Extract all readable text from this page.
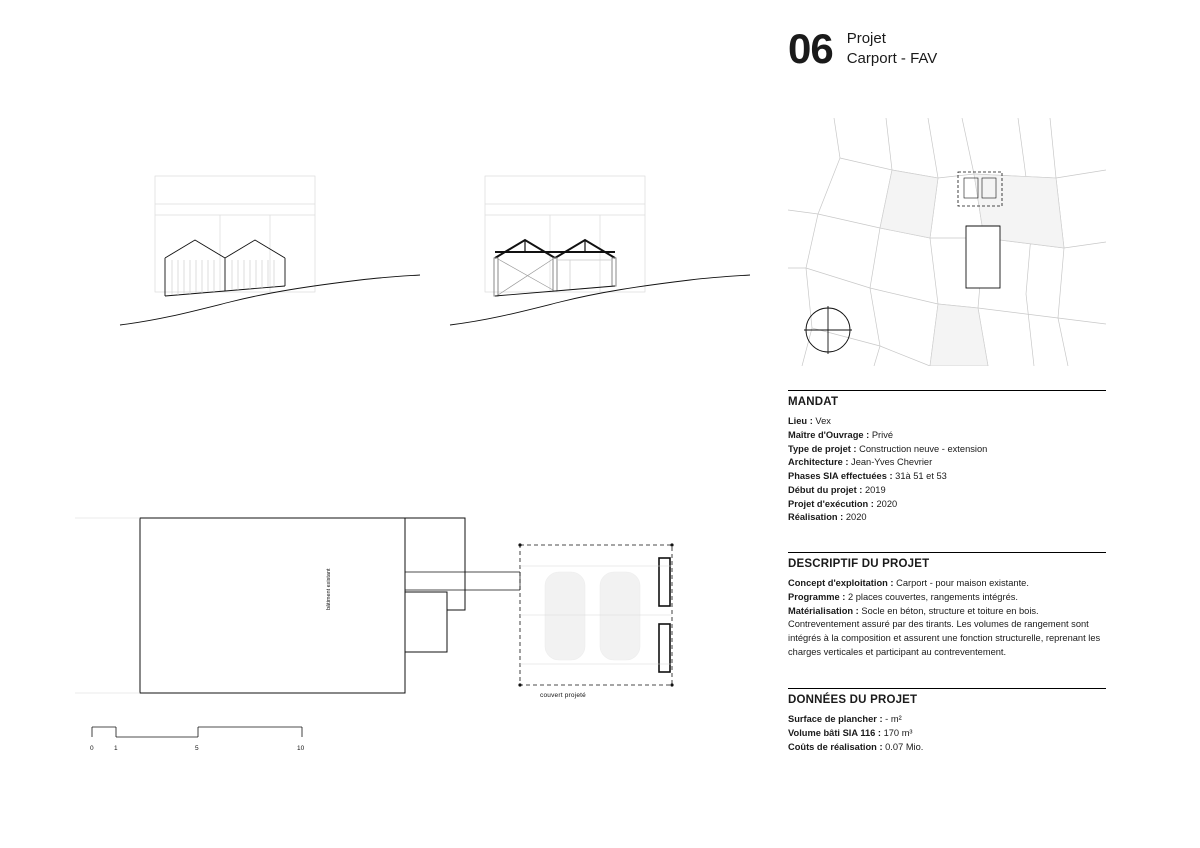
06 Projet
Carport - FAV
MANDAT

Lieu : Vex

Maître d'Ouvrage : Privé

Type de projet : Construction neuve - extension

Architecture : Jean-Yves Chevrier

Phases SIA effectuées : 31à 51 et 53

Début du projet : 2019

Projet d'exécution : 2020

Réalisation : 2020

DESCRIPTIF DU PROJET

Concept d'exploitation : Carport - pour maison existante.

Programme : 2 places couvertes, rangements intégrés.

Matérialisation : Socle en béton, structure et toiture en bois.

Contreventement assuré par des tirants. Les volumes de rangement sont intégrés à la composition et assurent une fonction structurelle, reprenant les charges verticales et participant au contreventement.

DONNÉES DU PROJET

Surface de plancher : - m²

Volume bâti SIA 116 : 170 m³

Coûts de réalisation : 0.07 Mio.

bâtiment existant
couvert projeté
0	1	5	10
